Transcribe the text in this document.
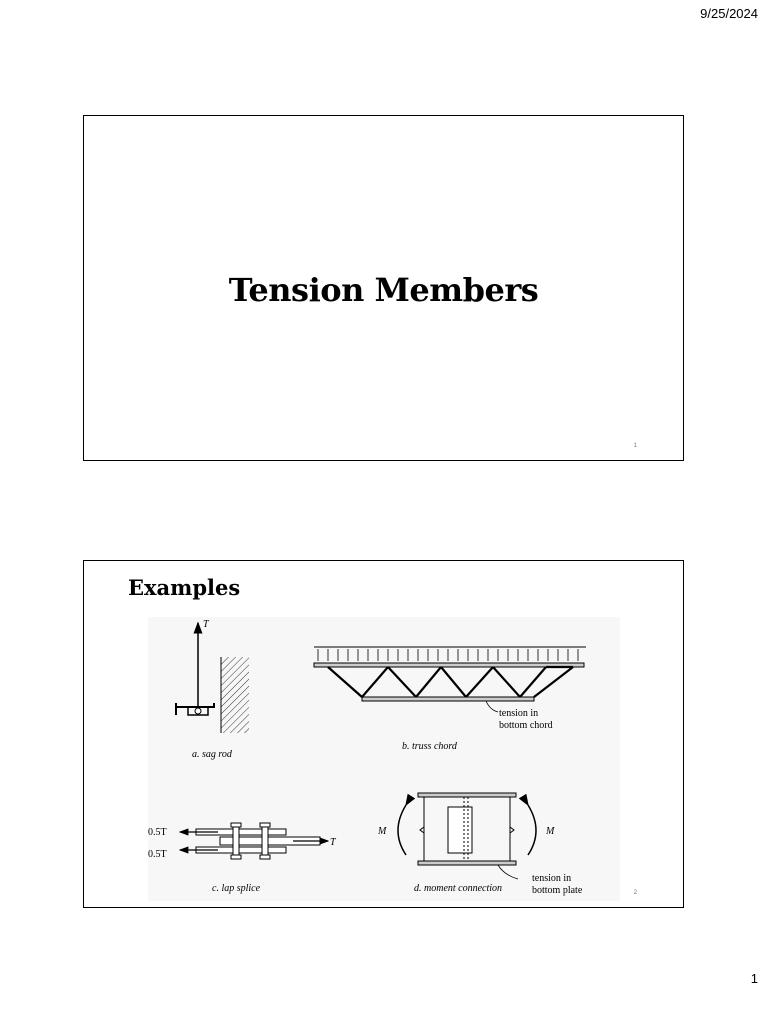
9/25/2024
Tension Members
1
Examples
T
a. sag rod
tension in
bottom chord
b. truss chord
0.5T
0.5T
T
c. lap splice
M	M
tension in
bottom plate
d. moment connection	2
1
